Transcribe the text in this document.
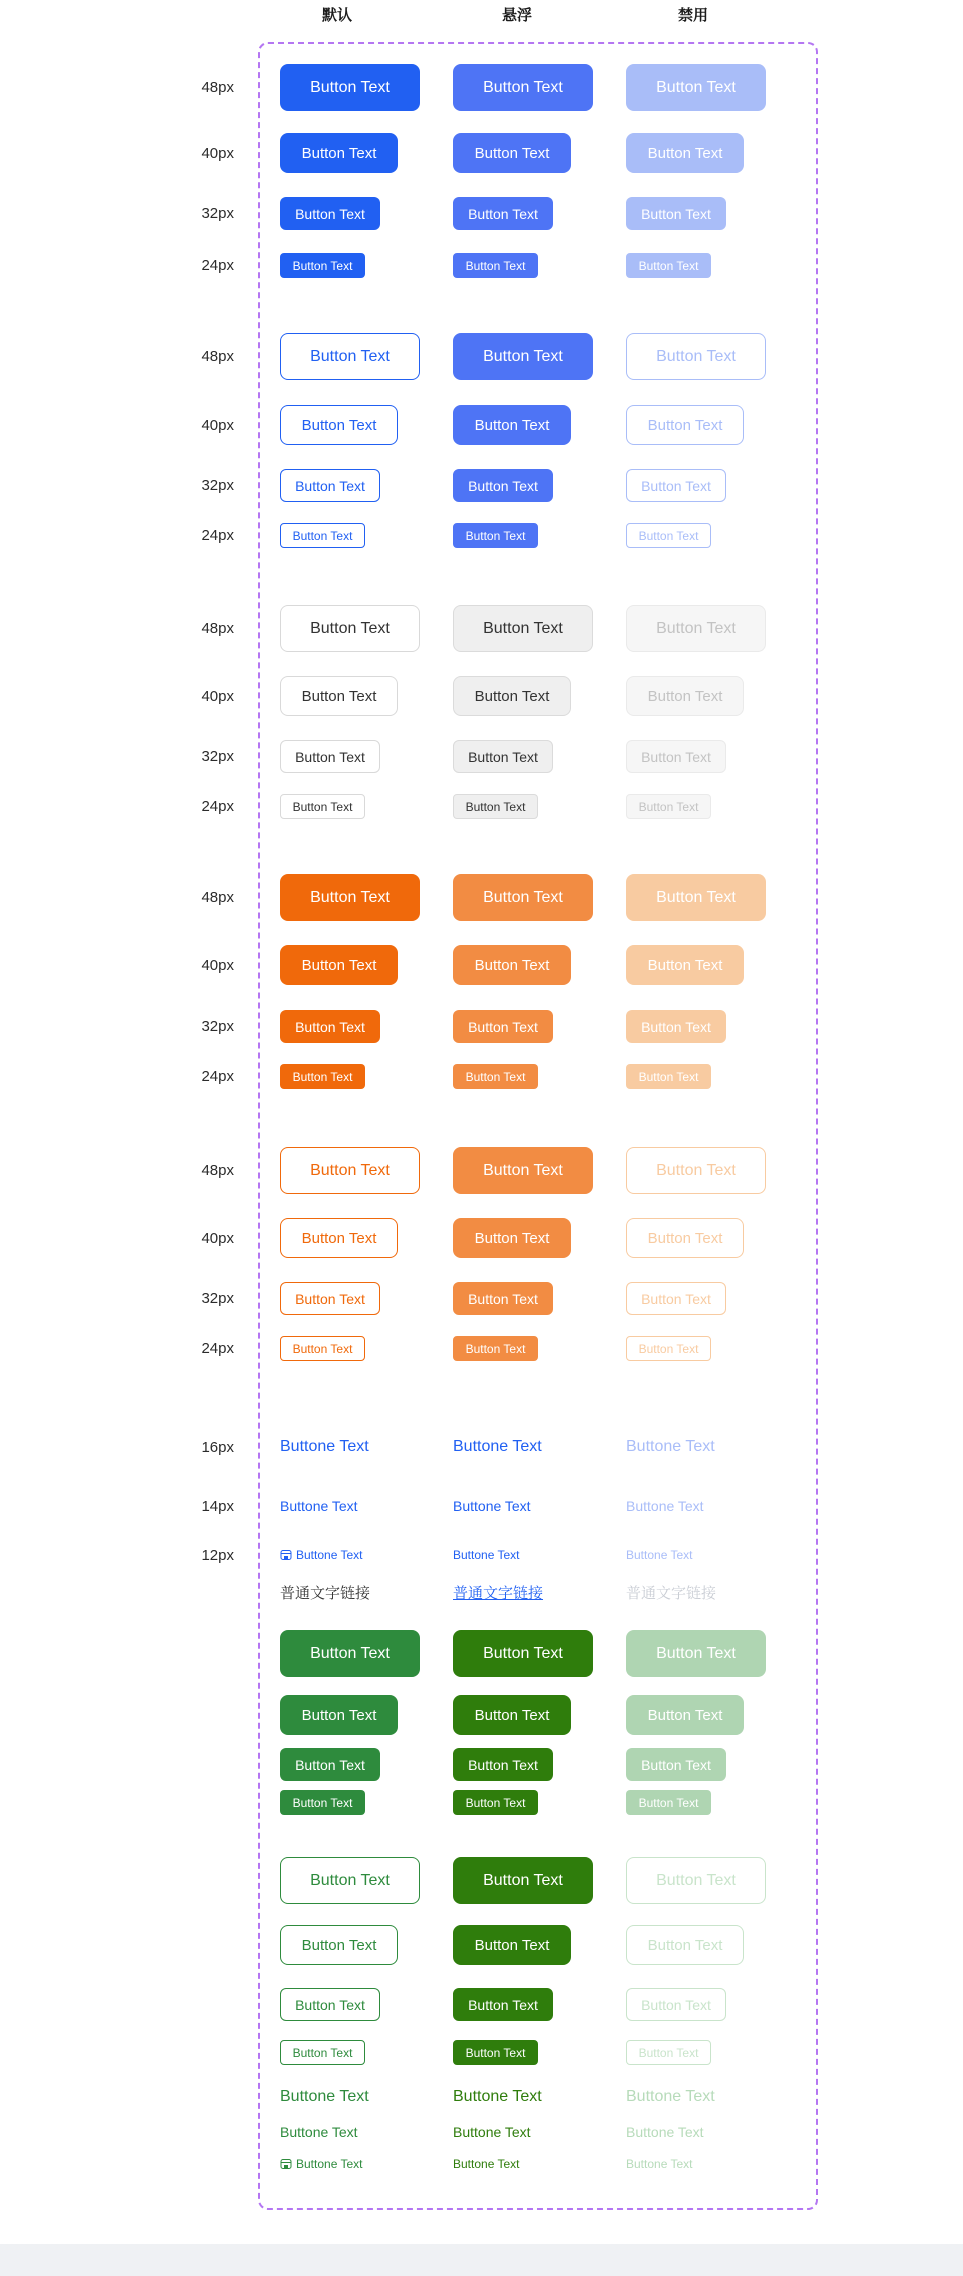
默认	悬浮	禁用
48px	Button Text	Button Text	Button Text
40px	Button Text	Button Text	Button Text
32px	Button Text	Button Text	Button Text
24px	Button Text	Button Text	Button Text
48px	Button Text	Button Text	Button Text
40px	Button Text	Button Text	Button Text
32px	Button Text	Button Text	Button Text
24px	Button Text	Button Text	Button Text
48px	Button Text	Button Text	Button Text
40px	Button Text	Button Text	Button Text
32px	Button Text	Button Text	Button Text
24px	Button Text	Button Text	Button Text
48px	Button Text	Button Text	Button Text
40px	Button Text	Button Text	Button Text
32px	Button Text	Button Text	Button Text
24px	Button Text	Button Text	Button Text
48px	Button Text	Button Text	Button Text
40px	Button Text	Button Text	Button Text
32px	Button Text	Button Text	Button Text
24px	Button Text	Button Text	Button Text
16px	Buttone Text	Buttone Text	Buttone Text
14px	Buttone Text	Buttone Text	Buttone Text
12px	Buttone Text	Buttone Text	Buttone Text
普通文字链接	普通文字链接	普通文字链接
Button Text	Button Text	Button Text
Button Text	Button Text	Button Text
Button Text	Button Text	Button Text
Button Text	Button Text	Button Text
Button Text	Button Text	Button Text
Button Text	Button Text	Button Text
Button Text	Button Text	Button Text
Button Text	Button Text	Button Text
Buttone Text	Buttone Text	Buttone Text
Buttone Text	Buttone Text	Buttone Text
Buttone Text	Buttone Text	Buttone Text
